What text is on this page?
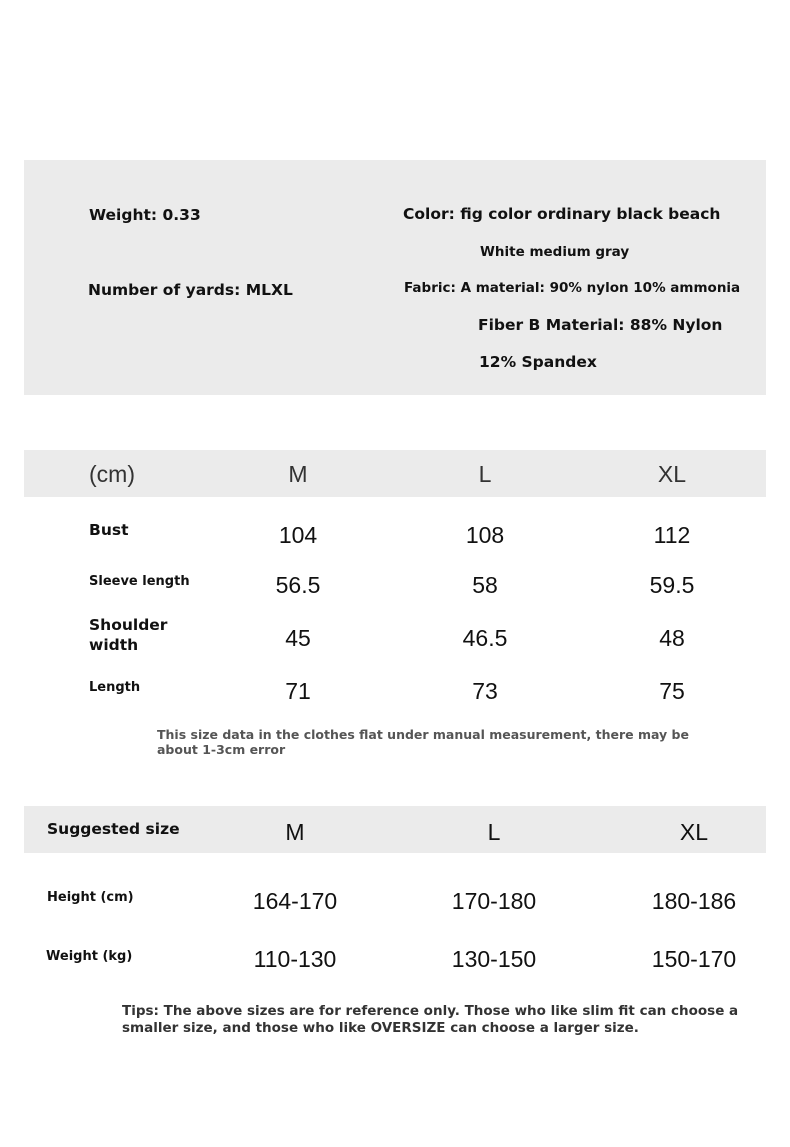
Weight: 0.33
Number of yards: MLXL
Color: fig color ordinary black beach
White medium gray
Fabric: A material: 90% nylon 10% ammonia
Fiber B Material: 88% Nylon
12% Spandex
(cm)	M	L	XL
Bust	104	108	112
Sleeve length	56.5	58	59.5
Shoulder
width	45	46.5	48
Length	71	73	75
This size data in the clothes flat under manual measurement, there may be
about 1-3cm error
Suggested size	M	L	XL
Height (cm)	164-170	170-180	180-186
Weight (kg)	110-130	130-150	150-170
Tips: The above sizes are for reference only. Those who like slim fit can choose a
smaller size, and those who like OVERSIZE can choose a larger size.
